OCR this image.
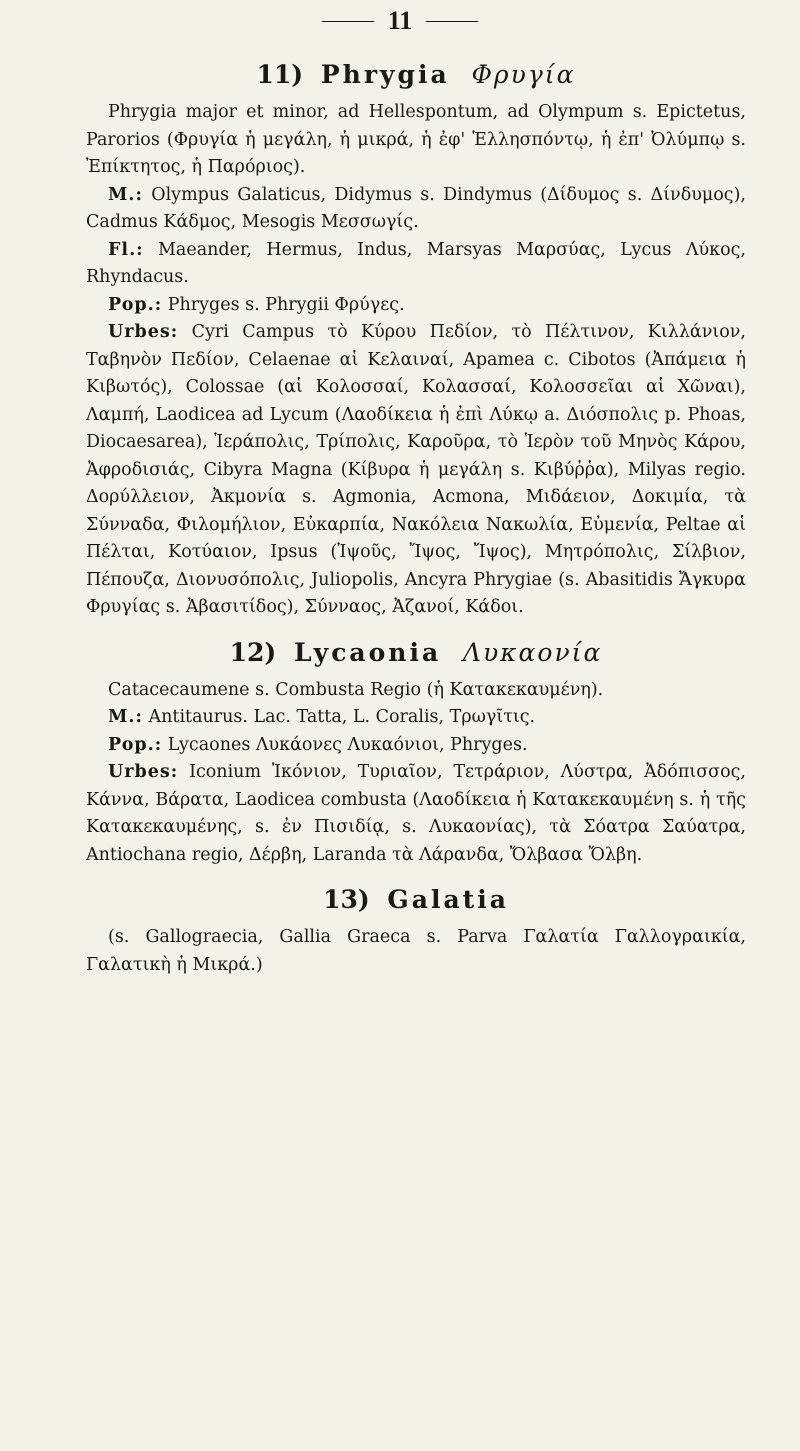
11
11) Phrygia Φρυγία

Phrygia major et minor, ad Hellespontum, ad Olympum s. Epictetus, Parorios (Φρυγία ἡ μεγάλη, ἡ μικρά, ἡ ἐφ' Ἑλλησπόντῳ, ἡ ἐπ' Ὀλύμπῳ s. Ἐπίκτητος, ἡ Παρόριος).

M.: Olympus Galaticus, Didymus s. Dindymus (Δίδυμος s. Δίνδυμος), Cadmus Κάδμος, Mesogis Μεσσωγίς.

Fl.: Maeander, Hermus, Indus, Marsyas Μαρσύας, Lycus Λύκος, Rhyndacus.

Pop.: Phryges s. Phrygii Φρύγες.

Urbes: Cyri Campus τὸ Κύρου Πεδίον, τὸ Πέλτινον, Κιλλάνιον, Ταβηνὸν Πεδίον, Celaenae αἱ Κελαιναί, Apamea c. Cibotos (Ἀπάμεια ἡ Κιβωτός), Colossae (αἱ Κολοσσαί, Κολασσαί, Κολοσσεῖαι αἱ Χῶναι), Λαμπή, Laodicea ad Lycum (Λαοδίκεια ἡ ἐπὶ Λύκῳ a. Διόσπολις p. Phoas, Diocaesarea), Ἱεράπολις, Τρίπολις, Καροῦρα, τὸ Ἱερὸν τοῦ Μηνὸς Κάρου, Ἀφροδισιάς, Cibyra Magna (Κίβυρα ἡ μεγάλη s. Κιβύῤῥα), Milyas regio. Δορύλλειον, Ἀκμονία s. Agmonia, Acmona, Μιδάειον, Δοκιμία, τὰ Σύνναδα, Φιλομήλιον, Εὐκαρπία, Νακόλεια Νακωλία, Εὐμενία, Peltae αἱ Πέλται, Κοτύαιον, Ipsus (Ἰψοῦς, Ἴψος, Ἴψος), Μητρόπολις, Σίλβιον, Πέπουζα, Διονυσόπολις, Juliopolis, Ancyra Phrygiae (s. Abasitidis Ἄγκυρα Φρυγίας s. Ἀβασιτίδος), Σύνναος, Ἀζανοί, Κάδοι.

12) Lycaonia Λυκαονία

Catacecaumene s. Combusta Regio (ἡ Κατακεκαυμένη).

M.: Antitaurus. Lac. Tatta, L. Coralis, Τρωγῖτις.

Pop.: Lycaones Λυκάονες Λυκαόνιοι, Phryges.

Urbes: Iconium Ἰκόνιον, Τυριαῖον, Τετράριον, Λύστρα, Ἀδόπισσος, Κάννα, Βάρατα, Laodicea combusta (Λαοδίκεια ἡ Κατακεκαυμένη s. ἡ τῆς Κατακεκαυμένης, s. ἐν Πισιδίᾳ, s. Λυκαονίας), τὰ Σόατρα Σαύατρα, Antiochana regio, Δέρβη, Laranda τὰ Λάρανδα, Ὄλβασα Ὄλβη.

13) Galatia

(s. Gallograecia, Gallia Graeca s. Parva Γαλατία Γαλλογραικία, Γαλατικὴ ἡ Μικρά.)
